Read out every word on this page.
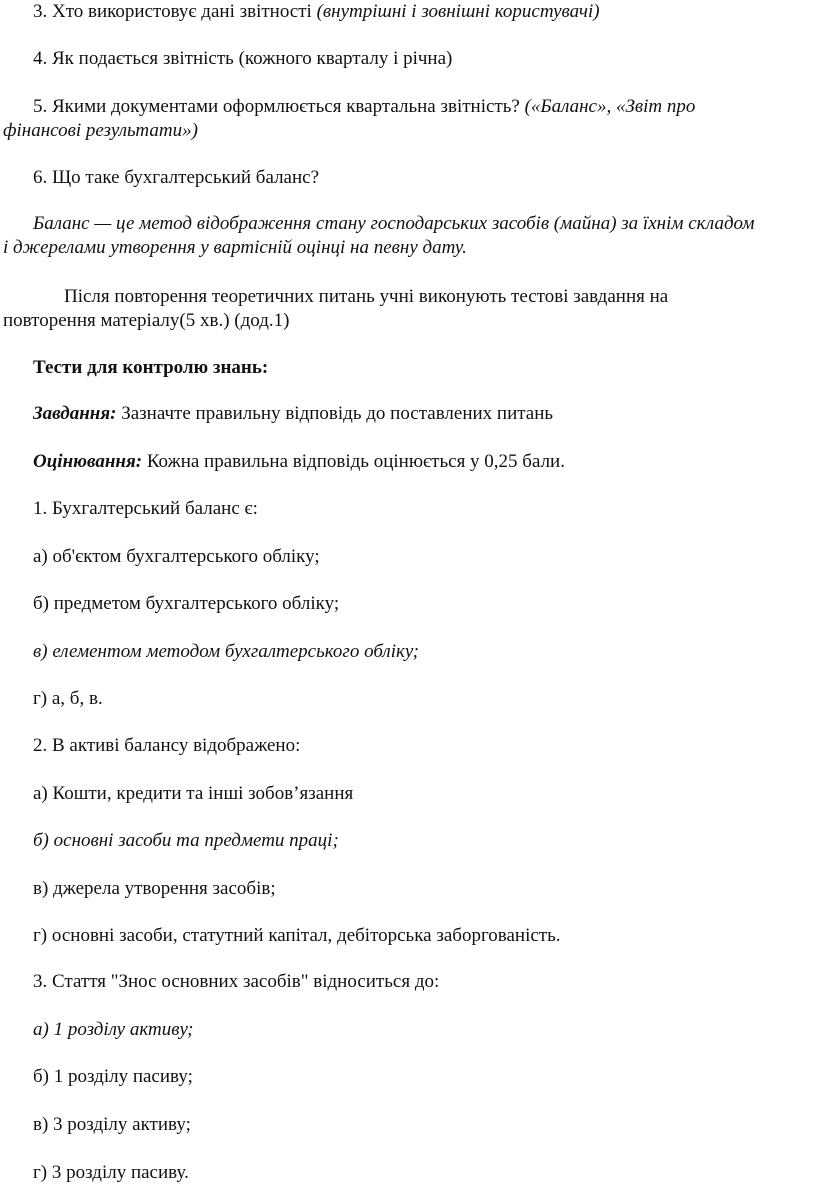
3. Хто використовує дані звітності (внутрішні і зовнішні користувачі)
4. Як подається звітність (кожного кварталу і річна)
5. Якими документами оформлюється квартальна звітність? («Баланс», «Звіт про
фінансові результати»)
6. Що таке бухгалтерський баланс?
Баланс — це метод відображення стану господарських засобів (майна) за їхнім складом
і джерелами утворення у вартісній оцінці на певну дату.
Після повторення теоретичних питань учні виконують тестові завдання на
повторення матеріалу(5 хв.) (дод.1)
Тести для контролю знань:
Завдання: Зазначте правильну відповідь до поставлених питань
Оцінювання: Кожна правильна відповідь оцінюється у 0,25 бали.
1. Бухгалтерський баланс є:
а) об'єктом бухгалтерського обліку;
б) предметом бухгалтерського обліку;
в) елементом методом бухгалтерського обліку;
г) а, б, в.
2. В активі балансу відображено:
а) Кошти, кредити та інші зобов’язання
б) основні засоби та предмети праці;
в) джерела утворення засобів;
г) основні засоби, статутний капітал, дебіторська заборгованість.
3. Стаття "Знос основних засобів" відноситься до:
а) 1 розділу активу;
б) 1 розділу пасиву;
в) 3 розділу активу;
г) 3 розділу пасиву.
